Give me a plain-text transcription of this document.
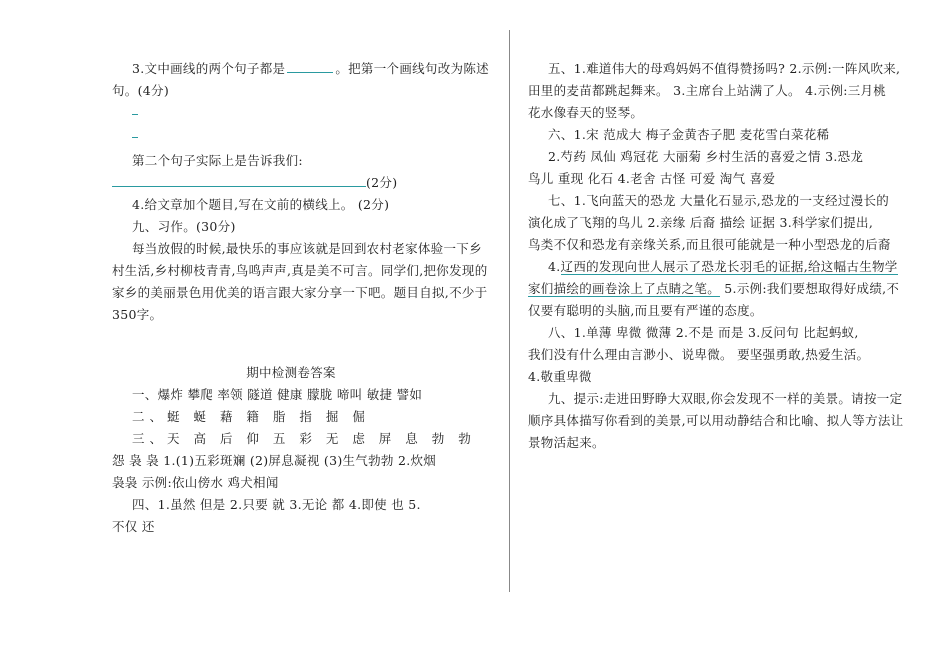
3.文中画线的两个句子都是	。把第一个画线句改为陈述
句。(4分)
第二个句子实际上是告诉我们:
(2分)
4.给文章加个题目,写在文前的横线上。 (2分)
九、习作。(30分)
每当放假的时候,最快乐的事应该就是回到农村老家体验一下乡
村生活,乡村柳枝青青,鸟鸣声声,真是美不可言。同学们,把你发现的
家乡的美丽景色用优美的语言跟大家分享一下吧。题目自拟,不少于
350字。
期中检测卷答案
一、爆炸 攀爬 率领 隧道 健康 朦胧 啼叫 敏捷 譬如
二、蜓 蜒 藉 籍 脂 指 掘 倔
三、天 高 后 仰 五 彩 无 虑 屏 息 勃 勃
怨 袅 袅 1.(1)五彩斑斓 (2)屏息凝视 (3)生气勃勃 2.炊烟
袅袅 示例:依山傍水 鸡犬相闻
四、1.虽然 但是 2.只要 就 3.无论 都 4.即使 也 5.
不仅 还
五、1.难道伟大的母鸡妈妈不值得赞扬吗? 2.示例:一阵风吹来,
田里的麦苗都跳起舞来。 3.主席台上站满了人。 4.示例:三月桃
花水像春天的竖琴。
六、1.宋 范成大 梅子金黄杏子肥 麦花雪白菜花稀
2.芍药 凤仙 鸡冠花 大丽菊 乡村生活的喜爱之情 3.恐龙
鸟儿 重现 化石 4.老舍 古怪 可爱 淘气 喜爱
七、1.飞向蓝天的恐龙 大量化石显示,恐龙的一支经过漫长的
演化成了飞翔的鸟儿 2.亲缘 后裔 描绘 证据 3.科学家们提出,
鸟类不仅和恐龙有亲缘关系,而且很可能就是一种小型恐龙的后裔
4.辽西的发现向世人展示了恐龙长羽毛的证据,给这幅古生物学
家们描绘的画卷涂上了点睛之笔。 5.示例:我们要想取得好成绩,不
仅要有聪明的头脑,而且要有严谨的态度。
八、1.单薄 卑微 微薄 2.不是 而是 3.反问句 比起蚂蚁,
我们没有什么理由言渺小、说卑微。 要坚强勇敢,热爱生活。
4.敬重卑微
九、提示:走进田野睁大双眼,你会发现不一样的美景。请按一定
顺序具体描写你看到的美景,可以用动静结合和比喻、拟人等方法让
景物活起来。
